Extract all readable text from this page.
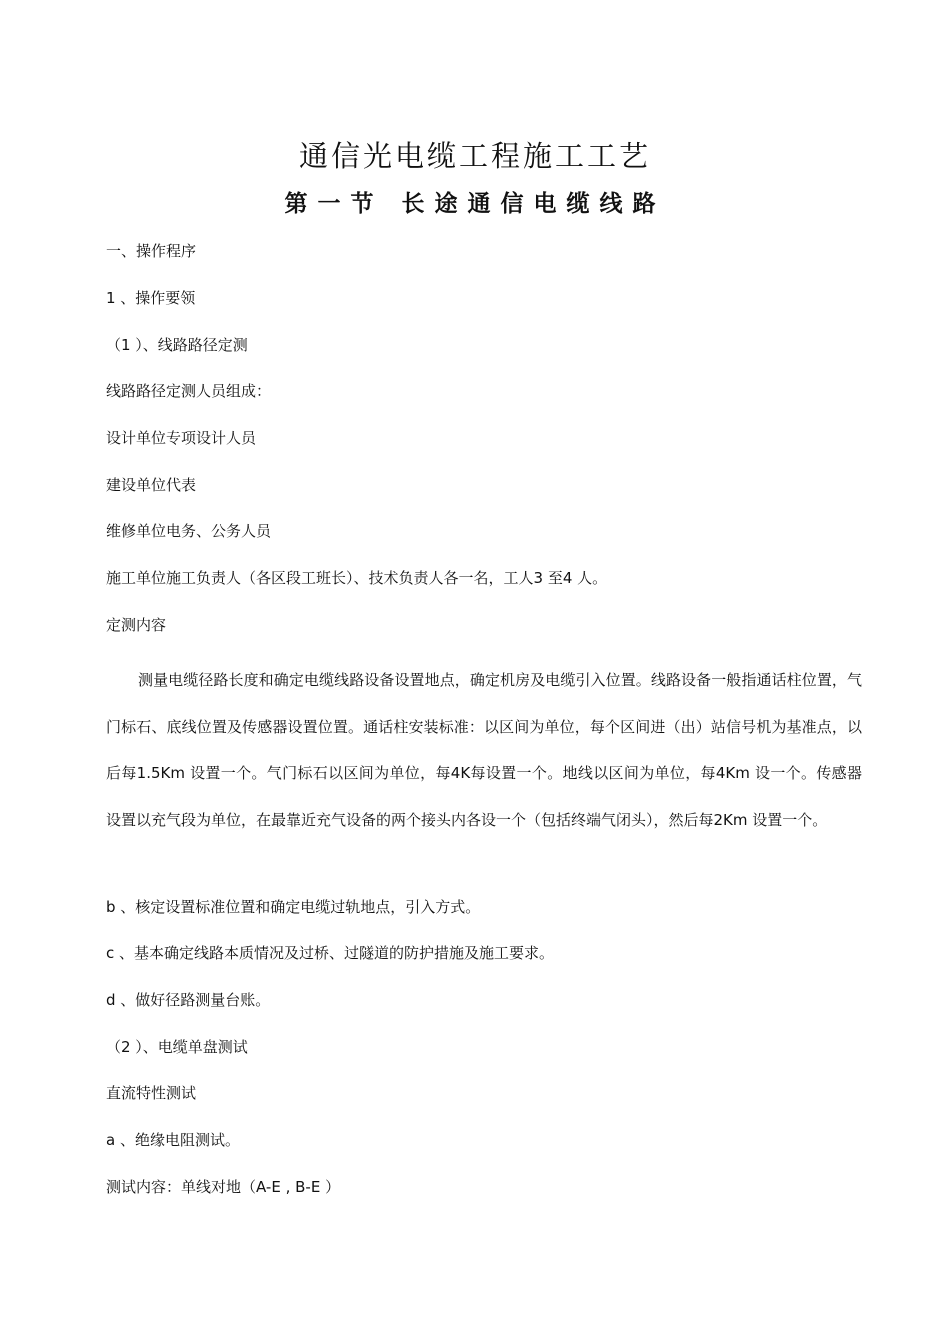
通信光电缆工程施工工艺
第一节 长途通信电缆线路
一、操作程序
1 、操作要领
（1 ）、线路路径定测
线路路径定测人员组成：
设计单位专项设计人员
建设单位代表
维修单位电务、公务人员
施工单位施工负责人（各区段工班长）、技术负责人各一名，工人3 至4 人。
定测内容

测量电缆径路长度和确定电缆线路设备设置地点，确定机房及电缆引入位置。线路设备一般指通话柱位置，气门标石、底线位置及传感器设置位置。通话柱安装标准：以区间为单位，每个区间进（出）站信号机为基准点，以后每1.5Km 设置一个。气门标石以区间为单位，每4K每设置一个。地线以区间为单位，每4Km 设一个。传感器设置以充气段为单位，在最靠近充气设备的两个接头内各设一个（包括终端气闭头），然后每2Km 设置一个。

b 、核定设置标准位置和确定电缆过轨地点，引入方式。
c 、基本确定线路本质情况及过桥、过隧道的防护措施及施工要求。
d 、做好径路测量台账。
（2 ）、电缆单盘测试
直流特性测试
a 、绝缘电阻测试。
测试内容：单线对地（A-E , B-E ）
